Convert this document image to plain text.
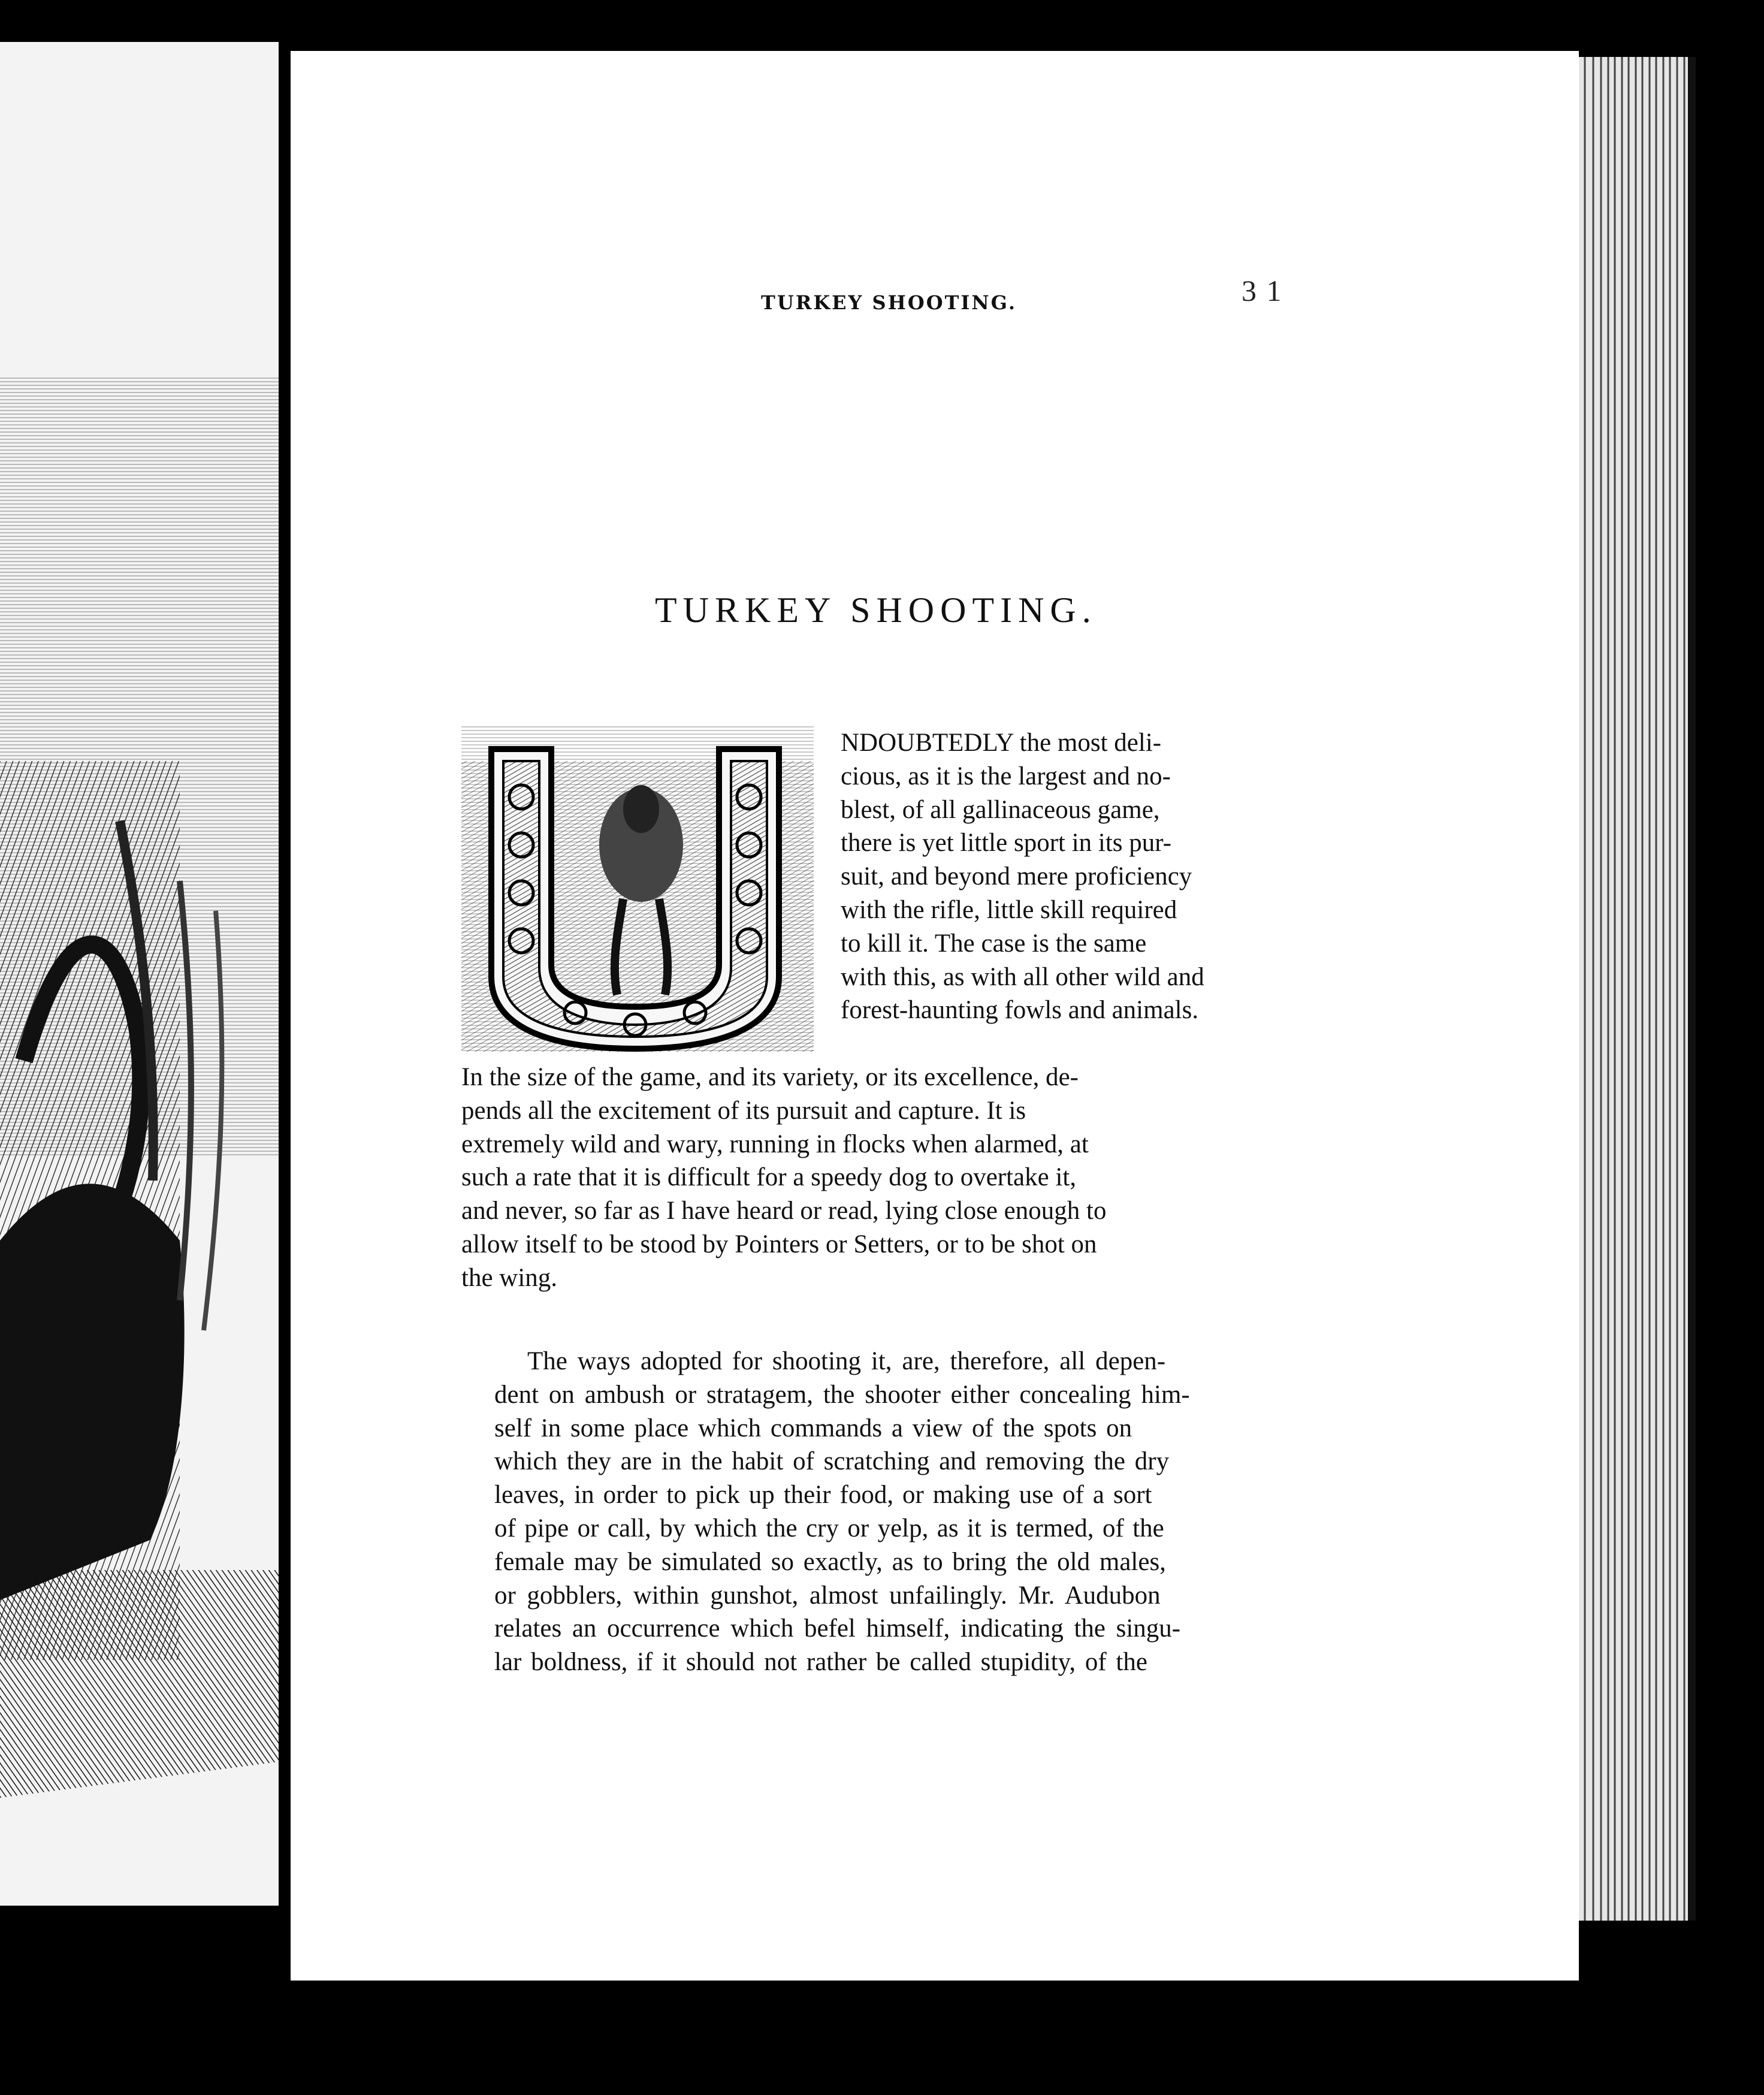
TURKEY SHOOTING.	3 1
TURKEY SHOOTING.
NDOUBTEDLY the most deli-
cious, as it is the largest and no-
blest, of all gallinaceous game,
there is yet little sport in its pur-
suit, and beyond mere proficiency
with the rifle, little skill required
to kill it. The case is the same
with this, as with all other wild and
forest-haunting fowls and animals.
In the size of the game, and its variety, or its excellence, de-
pends all the excitement of its pursuit and capture. It is
extremely wild and wary, running in flocks when alarmed, at
such a rate that it is difficult for a speedy dog to overtake it,
and never, so far as I have heard or read, lying close enough to
allow itself to be stood by Pointers or Setters, or to be shot on
the wing.
The ways adopted for shooting it, are, therefore, all depen-
dent on ambush or stratagem, the shooter either concealing him-
self in some place which commands a view of the spots on
which they are in the habit of scratching and removing the dry
leaves, in order to pick up their food, or making use of a sort
of pipe or call, by which the cry or yelp, as it is termed, of the
female may be simulated so exactly, as to bring the old males,
or gobblers, within gunshot, almost unfailingly. Mr. Audubon
relates an occurrence which befel himself, indicating the singu-
lar boldness, if it should not rather be called stupidity, of the
